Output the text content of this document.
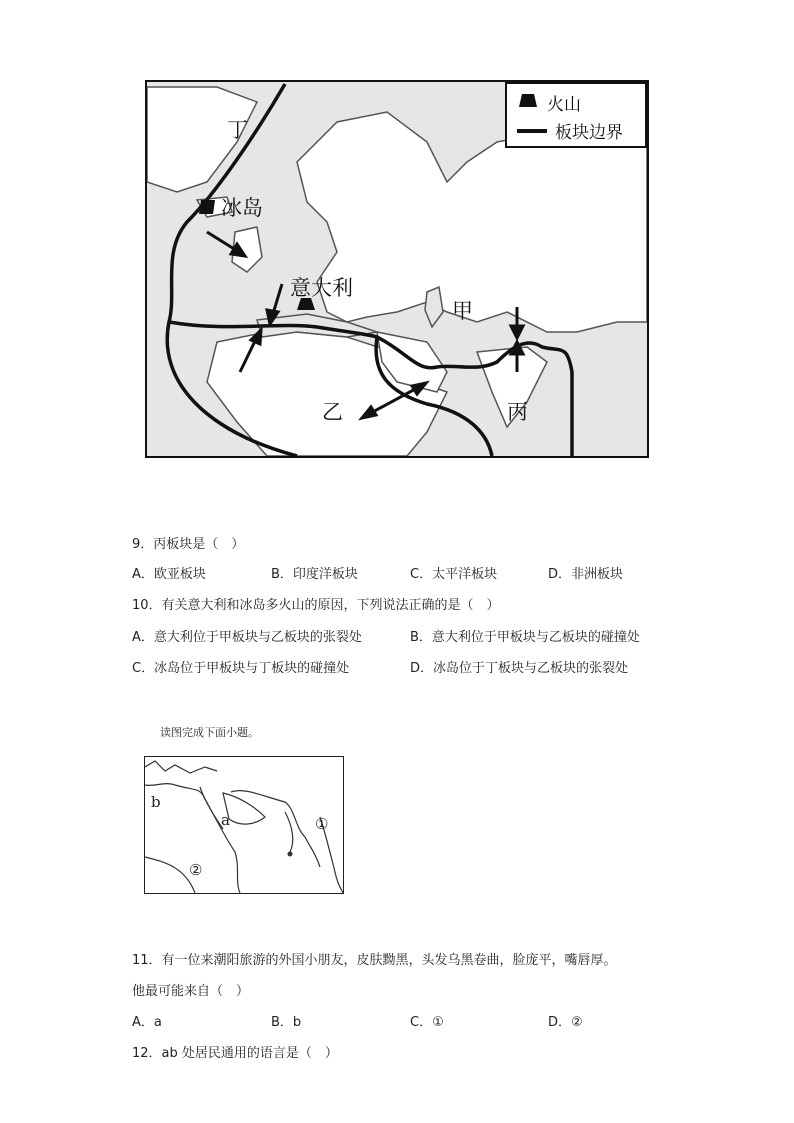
火山
板块边界
丁
冰岛
意大利
甲
乙	丙
9．丙板块是（　）
A．欧亚板块	B．印度洋板块	C．太平洋板块	D．非洲板块
10．有关意大利和冰岛多火山的原因，下列说法正确的是（　）
A．意大利位于甲板块与乙板块的张裂处	B．意大利位于甲板块与乙板块的碰撞处
C．冰岛位于甲板块与丁板块的碰撞处	D．冰岛位于丁板块与乙板块的张裂处
读图完成下面小题。
b
a	①
②
11．有一位来潮阳旅游的外国小朋友，皮肤黝黑，头发乌黑卷曲，脸庞平，嘴唇厚。
他最可能来自（　）
A．a	B．b	C．①	D．②
12．ab 处居民通用的语言是（　）
